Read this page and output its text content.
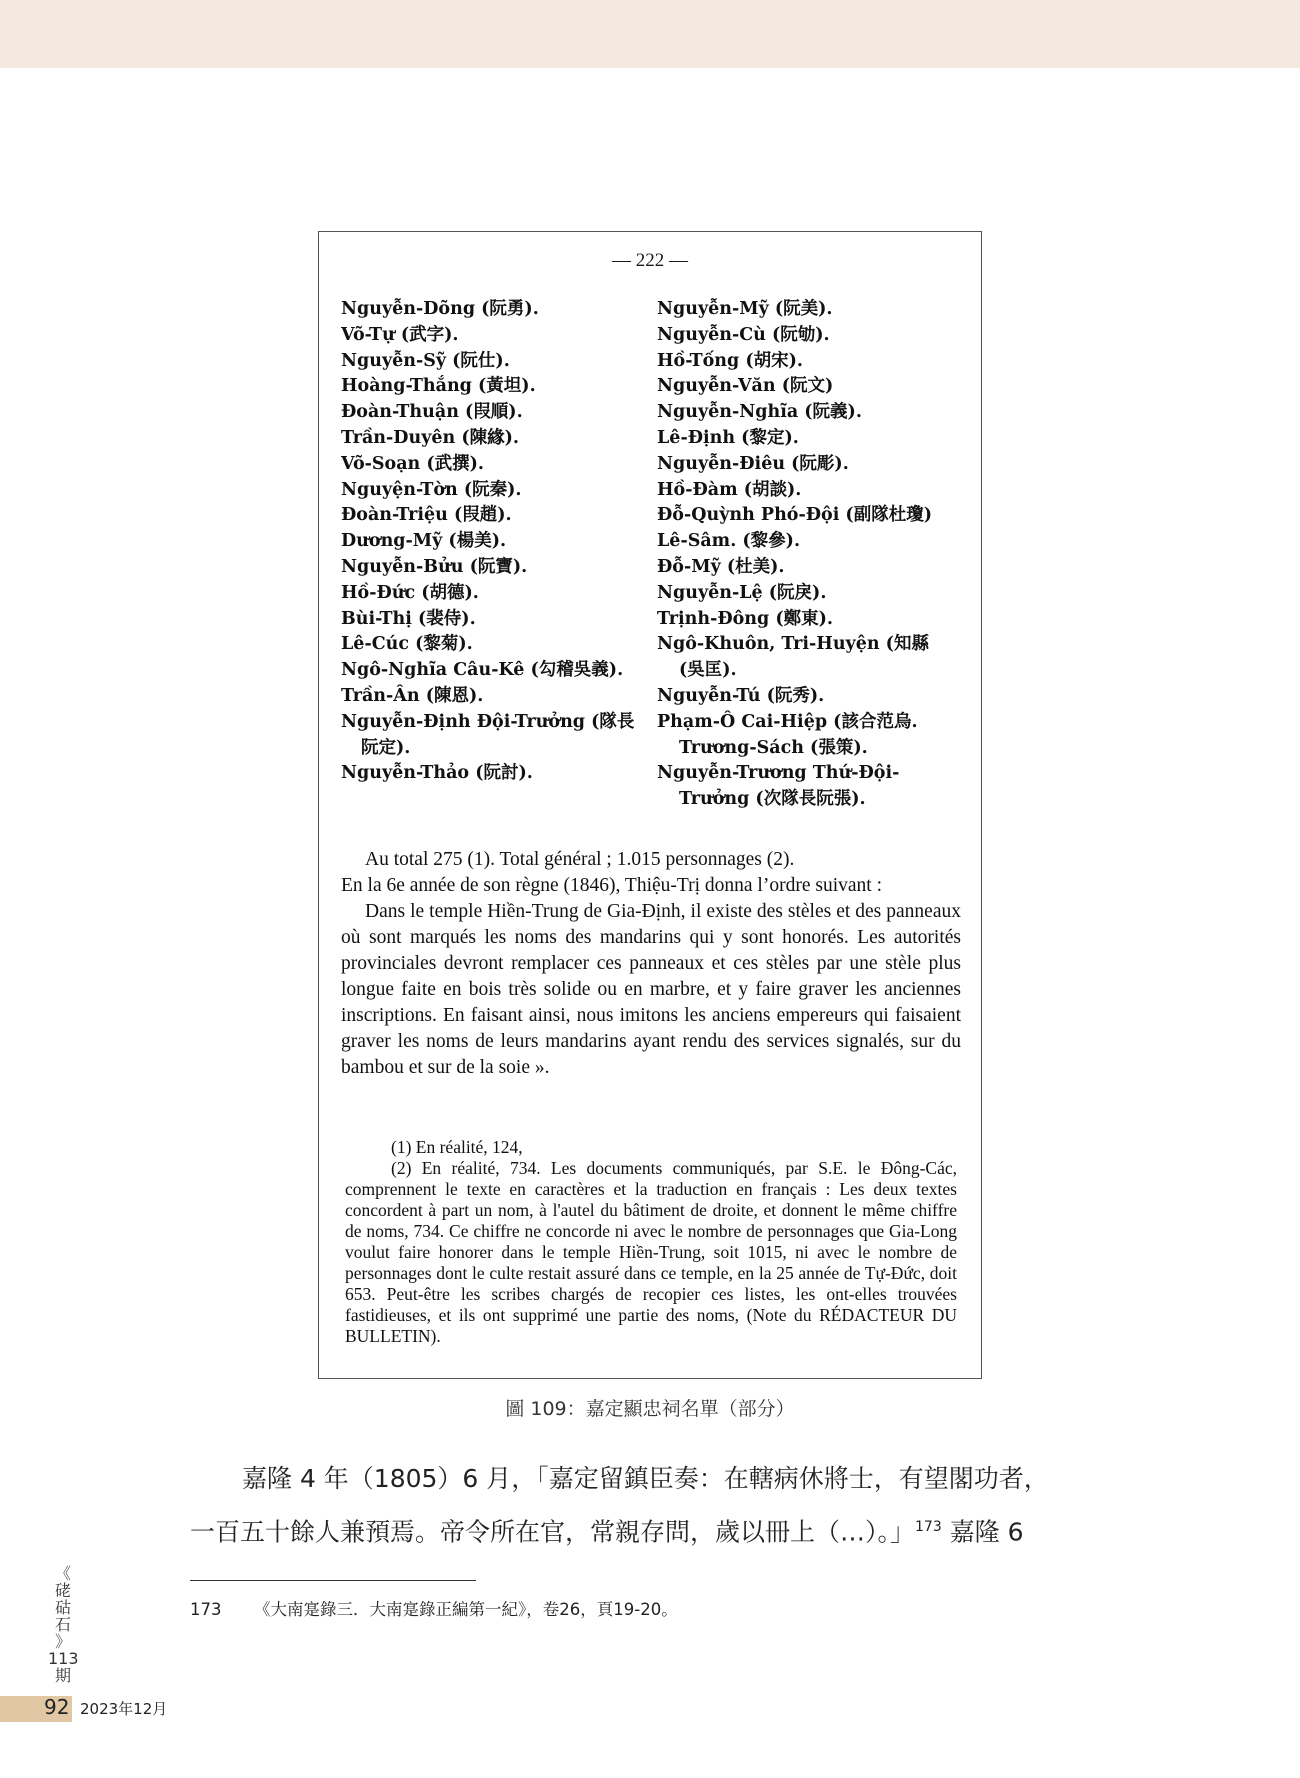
— 222 —
Nguyễn-Dõng (阮勇).	Nguyễn-Mỹ (阮美).
Võ-Tự (武字).	Nguyễn-Cù (阮劬).
Nguyễn-Sỹ (阮仕).	Hồ-Tống (胡宋).
Hoàng-Thắng (黃坦).	Nguyễn-Văn (阮文)
Đoàn-Thuận (叚順).	Nguyễn-Nghĩa (阮義).
Trần-Duyên (陳緣).	Lê-Định (黎定).
Võ-Soạn (武撰).	Nguyễn-Điêu (阮彫).
Nguyện-Tờn (阮秦).	Hồ-Đàm (胡談).
Đoàn-Triệu (叚趙).	Đỗ-Quỳnh Phó-Đội (副隊杜瓊)
Dương-Mỹ (楊美).	Lê-Sâm. (黎參).
Nguyễn-Bửu (阮寶).	Đỗ-Mỹ (杜美).
Hồ-Đức (胡德).	Nguyễn-Lệ (阮戾).
Bùi-Thị (裴侍).	Trịnh-Đông (鄭東).
Lê-Cúc (黎菊).	Ngô-Khuôn, Tri-Huyện (知縣
Ngô-Nghĩa Câu-Kê (勾稽吳義).	(吳匡).
Trần-Ân (陳恩).	Nguyễn-Tú (阮秀).
Nguyễn-Định Đội-Trưởng (隊長	Phạm-Ô Cai-Hiệp (該合范烏.
阮定).	Trương-Sách (張策).
Nguyễn-Thảo (阮討).	Nguyễn-Trương Thứ-Đội-
Trưởng (次隊長阮張).

Au total 275 (1). Total général ; 1.015 personnages (2).

En la 6e année de son règne (1846), Thiệu-Trị donna l’ordre suivant :

Dans le temple Hiền-Trung de Gia-Định, il existe des stèles et des panneaux où sont marqués les noms des mandarins qui y sont honorés. Les autorités provinciales devront remplacer ces panneaux et ces stèles par une stèle plus longue faite en bois très solide ou en marbre, et y faire graver les anciennes inscriptions. En faisant ainsi, nous imitons les anciens empereurs qui faisaient graver les noms de leurs mandarins ayant rendu des services signalés, sur du bambou et sur de la soie ».

(1) En réalité, 124,

(2) En réalité, 734. Les documents communiqués, par S.E. le Đông-Các, comprennent le texte en caractères et la traduction en français : Les deux textes concordent à part un nom, à l'autel du bâtiment de droite, et donnent le même chiffre de noms, 734. Ce chiffre ne concorde ni avec le nombre de personnages que Gia-Long voulut faire honorer dans le temple Hiền-Trung, soit 1015, ni avec le nombre de personnages dont le culte restait assuré dans ce temple, en la 25 année de Tự-Đức, doit 653. Peut-être les scribes chargés de recopier ces listes, les ont-elles trouvées fastidieuses, et ils ont supprimé une partie des noms, (Note du RÉDACTEUR DU BULLETIN).

圖 109：嘉定顯忠祠名單（部分）
嘉隆 4 年（1805）6 月，「嘉定留鎮臣奏：在轄病休將士，有望閣功者，
一百五十餘人兼預焉。帝令所在官，常親存問，歲以冊上（…）。」$^{173}$ 嘉隆 6
173 《大南寔錄三．大南寔錄正編第一紀》，卷26，頁19-20。
《
硓
𥑮
石
》
113
期
92 2023年12月
